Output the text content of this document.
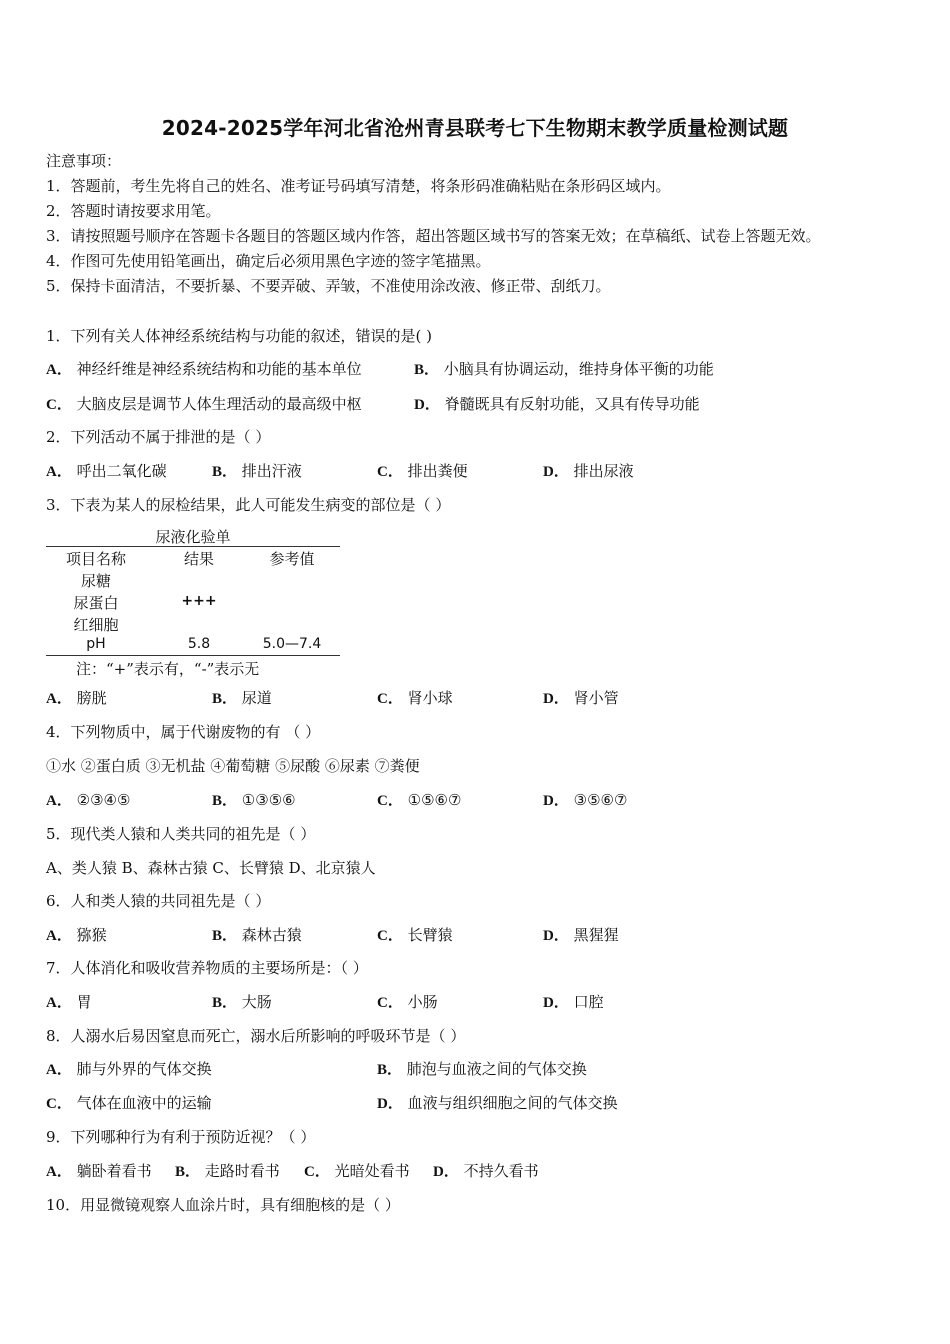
2024-2025学年河北省沧州青县联考七下生物期末教学质量检测试题
注意事项：
1．答题前，考生先将自己的姓名、准考证号码填写清楚，将条形码准确粘贴在条形码区域内。
2．答题时请按要求用笔。
3．请按照题号顺序在答题卡各题目的答题区域内作答，超出答题区域书写的答案无效；在草稿纸、试卷上答题无效。
4．作图可先使用铅笔画出，确定后必须用黑色字迹的签字笔描黑。
5．保持卡面清洁，不要折暴、不要弄破、弄皱，不准使用涂改液、修正带、刮纸刀。
1．下列有关人体神经系统结构与功能的叙述，错误的是( )
A． 神经纤维是神经系统结构和功能的基本单位	B． 小脑具有协调运动，维持身体平衡的功能
C． 大脑皮层是调节人体生理活动的最高级中枢	D． 脊髓既具有反射功能，又具有传导功能
2．下列活动不属于排泄的是（ ）
A． 呼出二氧化碳	B． 排出汗液	C． 排出粪便	D． 排出尿液
3．下表为某人的尿检结果，此人可能发生病变的部位是（ ）
尿液化验单
项目名称	结果	参考值
尿糖
尿蛋白	+++
红细胞
pH	5.8	5.0—7.4
注：“+”表示有，“-”表示无
A． 膀胱	B． 尿道	C． 肾小球	D． 肾小管
4．下列物质中，属于代谢废物的有 （ ）
①水 ②蛋白质 ③无机盐 ④葡萄糖 ⑤尿酸 ⑥尿素 ⑦粪便
A． ②③④⑤	B． ①③⑤⑥	C． ①⑤⑥⑦	D． ③⑤⑥⑦
5．现代类人猿和人类共同的祖先是（ ）
A、类人猿 B、森林古猿 C、长臂猿 D、北京猿人
6．人和类人猿的共同祖先是（ ）
A． 猕猴	B． 森林古猿	C． 长臂猿	D． 黑猩猩
7．人体消化和吸收营养物质的主要场所是：（ ）
A． 胃	B． 大肠	C． 小肠	D． 口腔
8．人溺水后易因窒息而死亡，溺水后所影响的呼吸环节是（ ）
A． 肺与外界的气体交换	B． 肺泡与血液之间的气体交换
C． 气体在血液中的运输	D． 血液与组织细胞之间的气体交换
9．下列哪种行为有利于预防近视？（ ）
A． 躺卧着看书 B． 走路时看书 C． 光暗处看书 D． 不持久看书
10．用显微镜观察人血涂片时，具有细胞核的是（ ）
